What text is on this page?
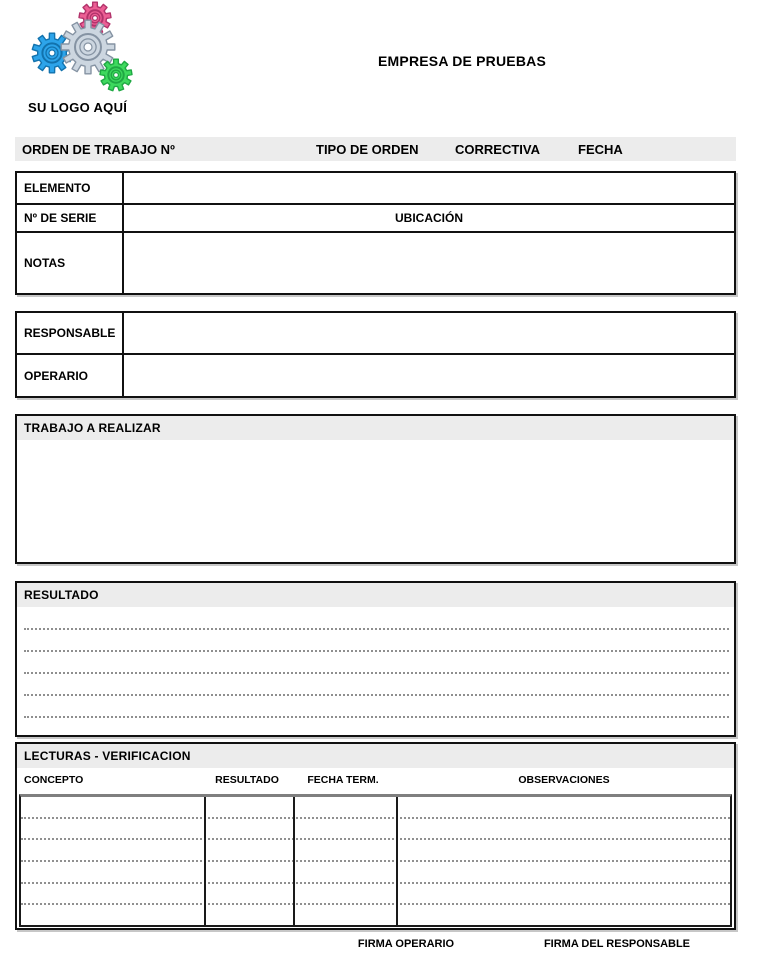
SU LOGO AQUÍ
EMPRESA DE PRUEBAS
ORDEN DE TRABAJO Nº	TIPO DE ORDEN	CORRECTIVA	FECHA
ELEMENTO
Nº DE SERIE	UBICACIÓN
NOTAS
RESPONSABLE
OPERARIO
TRABAJO A REALIZAR
RESULTADO
LECTURAS - VERIFICACION
CONCEPTO	RESULTADO	FECHA TERM.	OBSERVACIONES
FIRMA OPERARIO	FIRMA DEL RESPONSABLE
